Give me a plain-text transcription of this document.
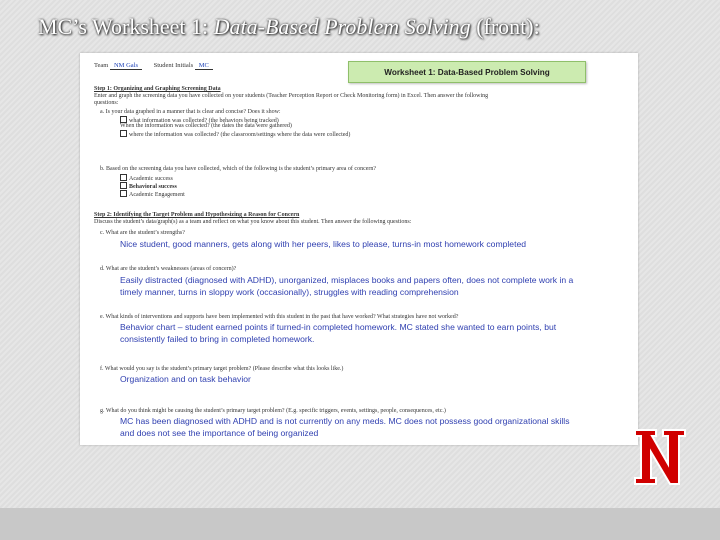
MC’s Worksheet 1: Data-Based Problem Solving (front):
Team NM Gals Student Initials MC
Worksheet 1: Data-Based Problem Solving
Step 1: Organizing and Graphing Screening Data
Enter and graph the screening data you have collected on your students (Teacher Perception Report or Check Monitoring form) in Excel. Then answer the following
questions:
a. Is your data graphed in a manner that is clear and concise? Does it show:
what information was collected? (the behaviors being tracked)
When the information was collected? (the dates the data were gathered)
where the information was collected? (the classroom/settings where the data were collected)
b. Based on the screening data you have collected, which of the following is the student’s primary area of concern?
Academic success
Behavioral success
Academic Engagement
Step 2: Identifying the Target Problem and Hypothesizing a Reason for Concern
Discuss the student’s data/graph(s) as a team and reflect on what you know about this student. Then answer the following questions:
c. What are the student’s strengths?
Nice student, good manners, gets along with her peers, likes to please, turns-in most homework completed
d. What are the student’s weaknesses (areas of concern)?
Easily distracted (diagnosed with ADHD), unorganized, misplaces books and papers often, does not complete work in a
timely manner, turns in sloppy work (occasionally), struggles with reading comprehension
e. What kinds of interventions and supports have been implemented with this student in the past that have worked? What strategies have not worked?
Behavior chart – student earned points if turned-in completed homework. MC stated she wanted to earn points, but
consistently failed to bring in completed homework.
f. What would you say is the student’s primary target problem? (Please describe what this looks like.)
Organization and on task behavior
g. What do you think might be causing the student’s primary target problem? (E.g. specific triggers, events, settings, people, consequences, etc.)
MC has been diagnosed with ADHD and is not currently on any meds. MC does not possess good organizational skills
and does not see the importance of being organized
